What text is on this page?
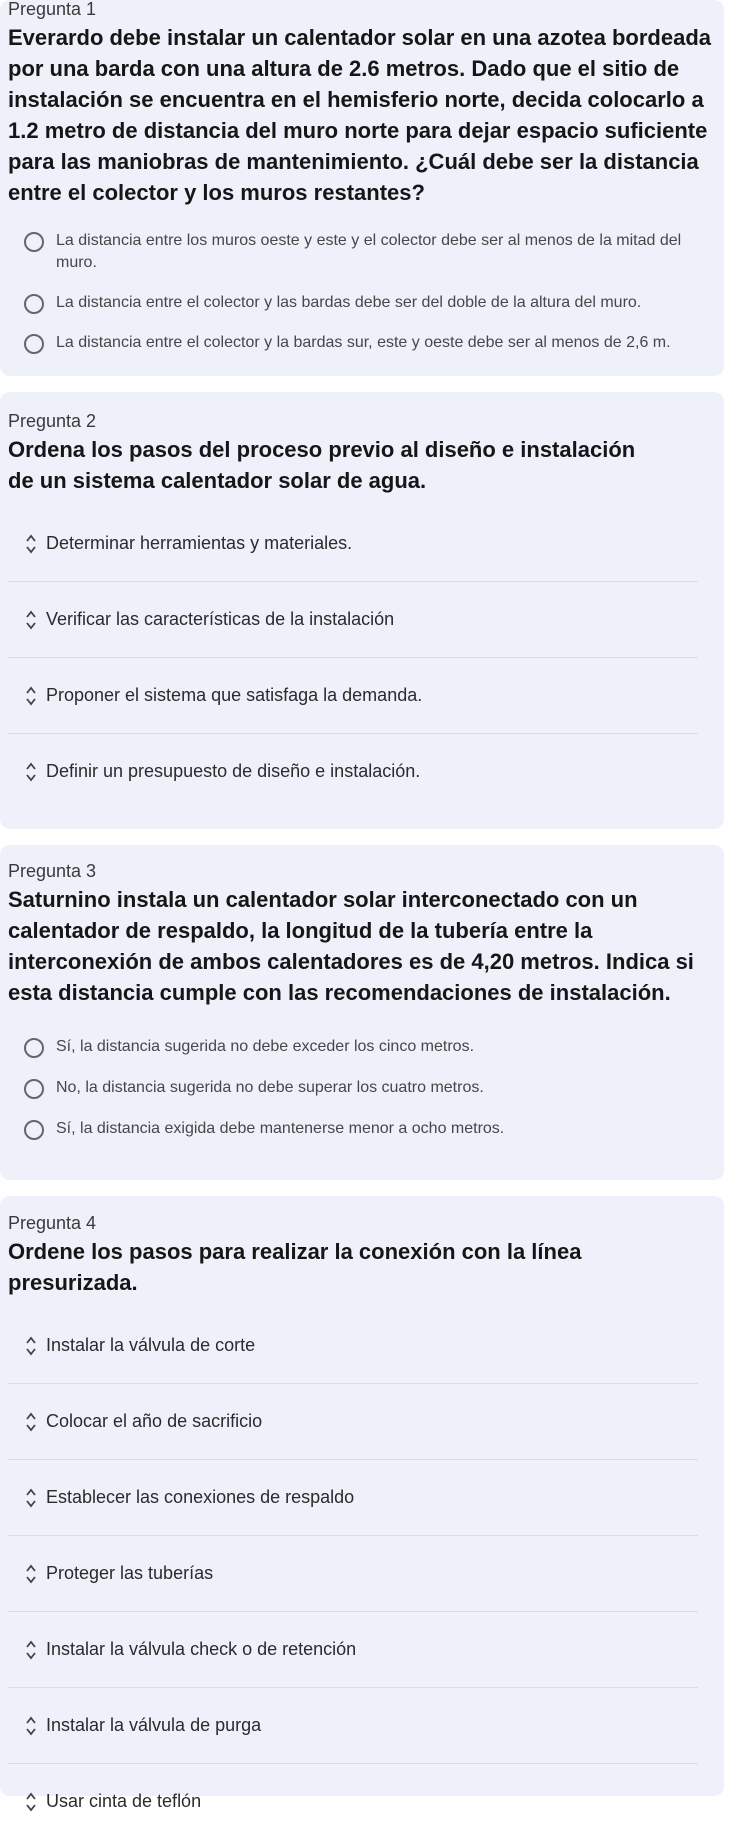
Pregunta 1
Everardo debe instalar un calentador solar en una azotea bordeada por una barda con una altura de 2.6 metros. Dado que el sitio de instalación se encuentra en el hemisferio norte, decida colocarlo a 1.2 metro de distancia del muro norte para dejar espacio suficiente para las maniobras de mantenimiento. ¿Cuál debe ser la distancia entre el colector y los muros restantes?
La distancia entre los muros oeste y este y el colector debe ser al menos de la mitad del muro.
La distancia entre el colector y las bardas debe ser del doble de la altura del muro.
La distancia entre el colector y la bardas sur, este y oeste debe ser al menos de 2,6 m.
Pregunta 2
Ordena los pasos del proceso previo al diseño e instalación de un sistema calentador solar de agua.
Determinar herramientas y materiales.
Verificar las características de la instalación
Proponer el sistema que satisfaga la demanda.
Definir un presupuesto de diseño e instalación.
Pregunta 3
Saturnino instala un calentador solar interconectado con un calentador de respaldo, la longitud de la tubería entre la interconexión de ambos calentadores es de 4,20 metros. Indica si esta distancia cumple con las recomendaciones de instalación.
Sí, la distancia sugerida no debe exceder los cinco metros.
No, la distancia sugerida no debe superar los cuatro metros.
Sí, la distancia exigida debe mantenerse menor a ocho metros.
Pregunta 4
Ordene los pasos para realizar la conexión con la línea presurizada.
Instalar la válvula de corte
Colocar el año de sacrificio
Establecer las conexiones de respaldo
Proteger las tuberías
Instalar la válvula check o de retención
Instalar la válvula de purga
Usar cinta de teflón
